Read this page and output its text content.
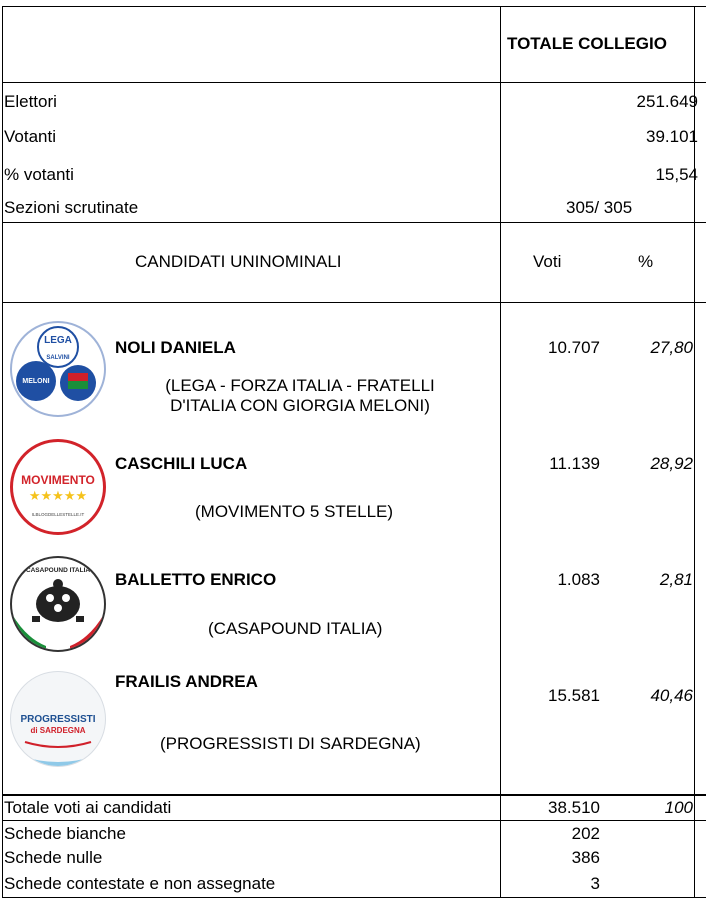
TOTALE COLLEGIO
Elettori	251.649
Votanti	39.101
% votanti	15,54
Sezioni scrutinate	305/ 305
CANDIDATI UNINOMINALI	Voti	%
LEGA
SALVINI
MELONI
NOLI DANIELA
(LEGA - FORZA ITALIA - FRATELLI
D'ITALIA CON GIORGIA MELONI)
10.707	27,80
MOVIMENTO
★★★★★
ILBLOGDELLESTELLE.IT
CASCHILI LUCA
(MOVIMENTO 5 STELLE)
11.139	28,92
CASAPOUND ITALIA BALLETTO ENRICO
(CASAPOUND ITALIA)
1.083	2,81
PROGRESSISTI
di SARDEGNA
FRAILIS ANDREA
(PROGRESSISTI DI SARDEGNA)
15.581	40,46
Totale voti ai candidati	38.510	100
Schede bianche	202
Schede nulle	386
Schede contestate e non assegnate	3
